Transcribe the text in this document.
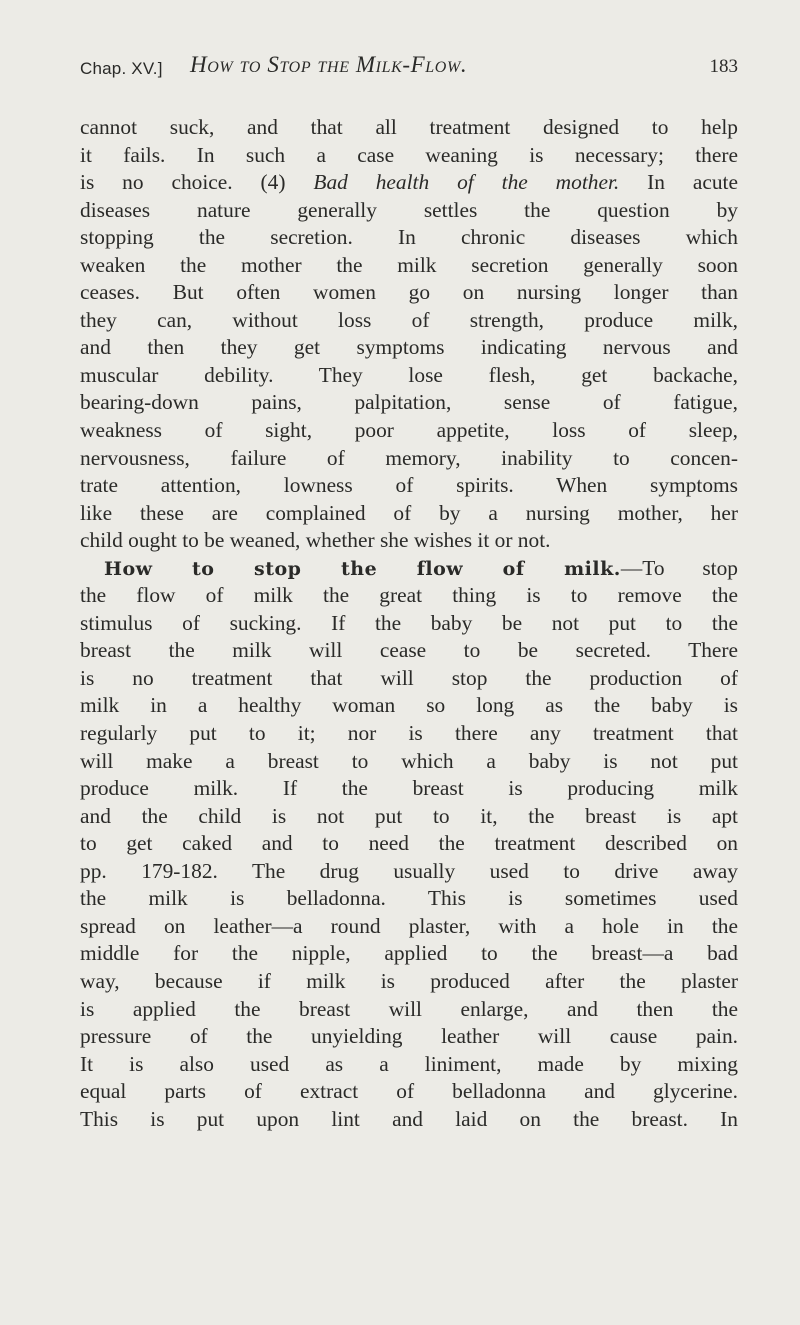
Chap. XV.] How to Stop the Milk-Flow.	183
cannot suck, and that all treatment designed to help
it fails. In such a case weaning is necessary; there
is no choice. (4) Bad health of the mother. In acute
diseases nature generally settles the question by
stopping the secretion. In chronic diseases which
weaken the mother the milk secretion generally soon
ceases. But often women go on nursing longer than
they can, without loss of strength, produce milk,
and then they get symptoms indicating nervous and
muscular debility. They lose flesh, get backache,
bearing-down pains, palpitation, sense of fatigue,
weakness of sight, poor appetite, loss of sleep,
nervousness, failure of memory, inability to concen-
trate attention, lowness of spirits. When symptoms
like these are complained of by a nursing mother, her
child ought to be weaned, whether she wishes it or not.
How to stop the flow of milk.—To stop
the flow of milk the great thing is to remove the
stimulus of sucking. If the baby be not put to the
breast the milk will cease to be secreted. There
is no treatment that will stop the production of
milk in a healthy woman so long as the baby is
regularly put to it; nor is there any treatment that
will make a breast to which a baby is not put
produce milk. If the breast is producing milk
and the child is not put to it, the breast is apt
to get caked and to need the treatment described on
pp. 179-182. The drug usually used to drive away
the milk is belladonna. This is sometimes used
spread on leather—a round plaster, with a hole in the
middle for the nipple, applied to the breast—a bad
way, because if milk is produced after the plaster
is applied the breast will enlarge, and then the
pressure of the unyielding leather will cause pain.
It is also used as a liniment, made by mixing
equal parts of extract of belladonna and glycerine.
This is put upon lint and laid on the breast. In
